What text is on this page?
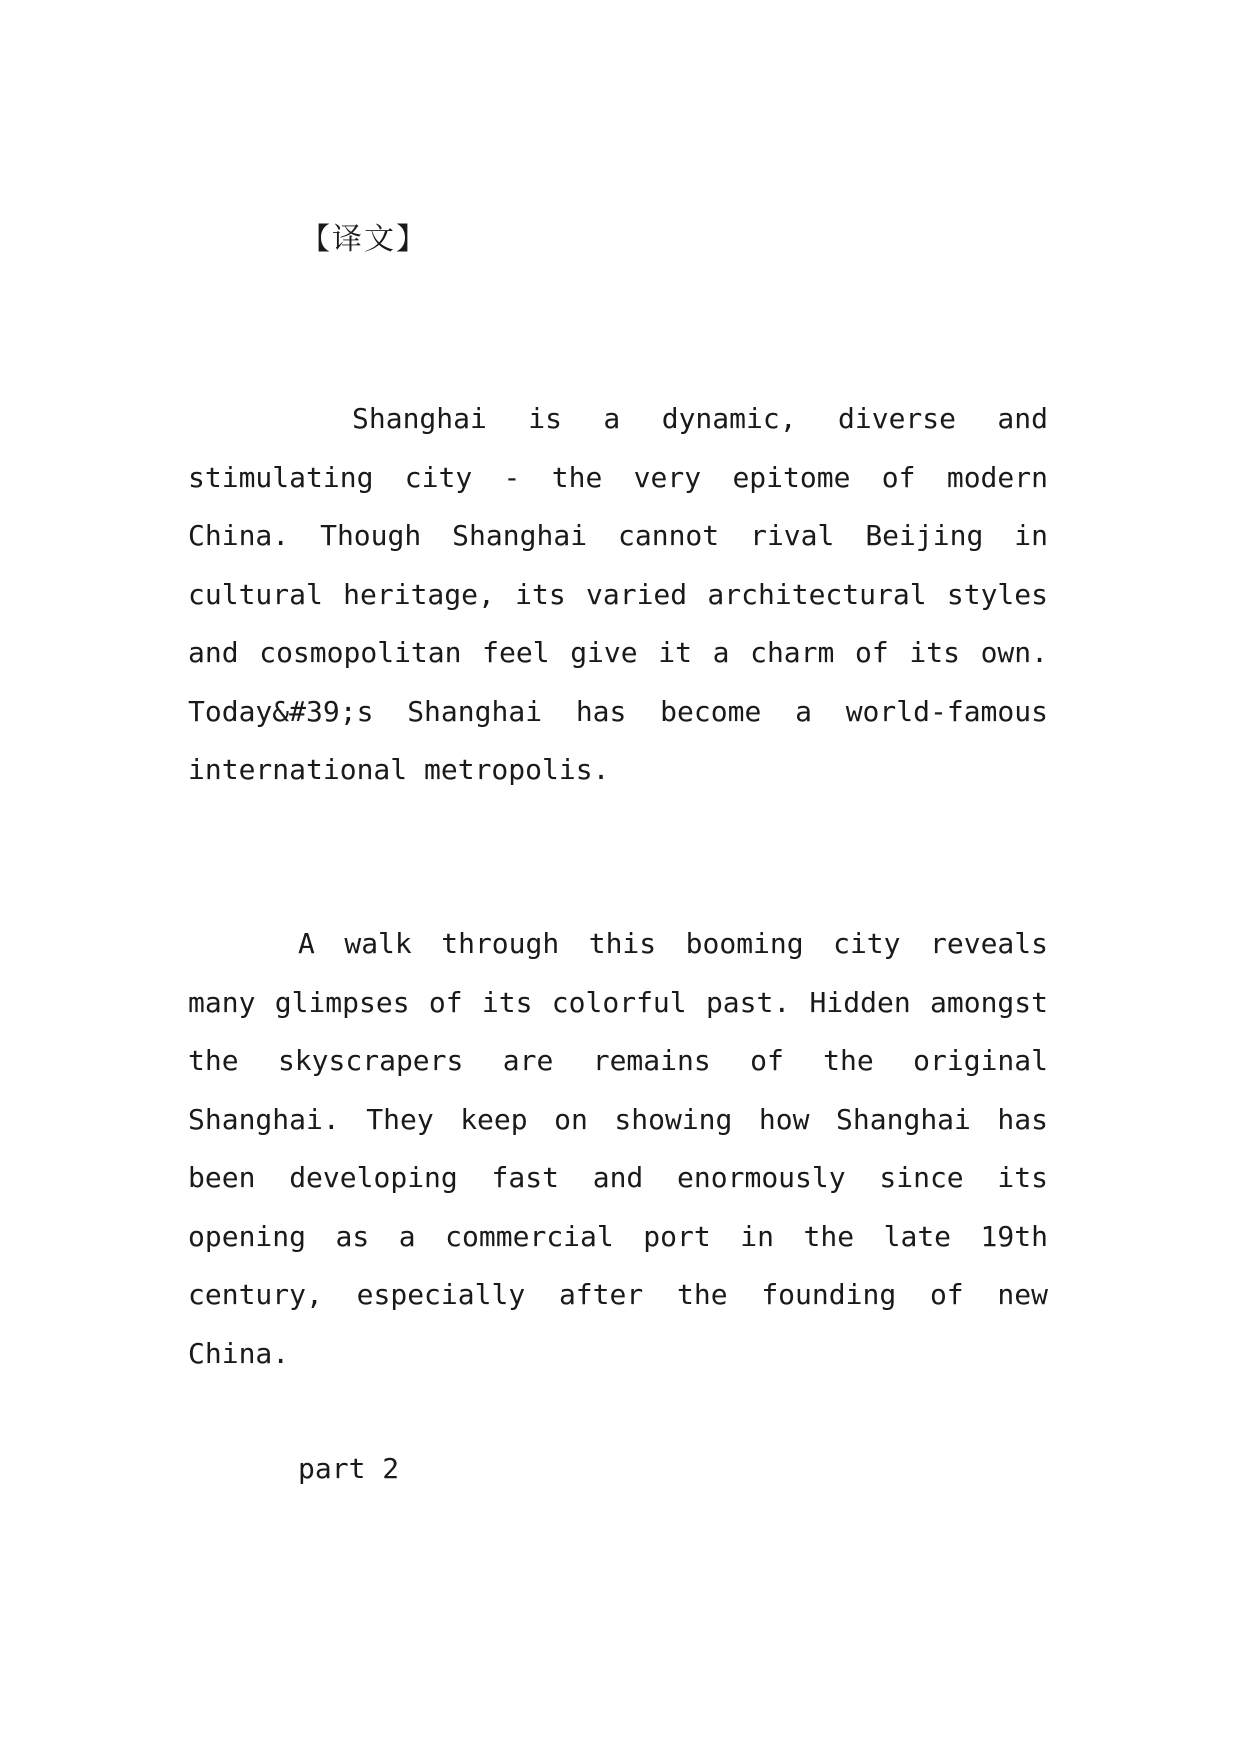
【译文】

Shanghai is a dynamic, diverse and stimulating city - the very epitome of modern China. Though Shanghai cannot rival Beijing in cultural heritage, its varied architectural styles and cosmopolitan feel give it a charm of its own. Today&#39;s Shanghai has become a world-famous international metropolis.

A walk through this booming city reveals many glimpses of its colorful past. Hidden amongst the skyscrapers are remains of the original Shanghai. They keep on showing how Shanghai has been developing fast and enormously since its opening as a commercial port in the late 19th century, especially after the founding of new China.

part 2
